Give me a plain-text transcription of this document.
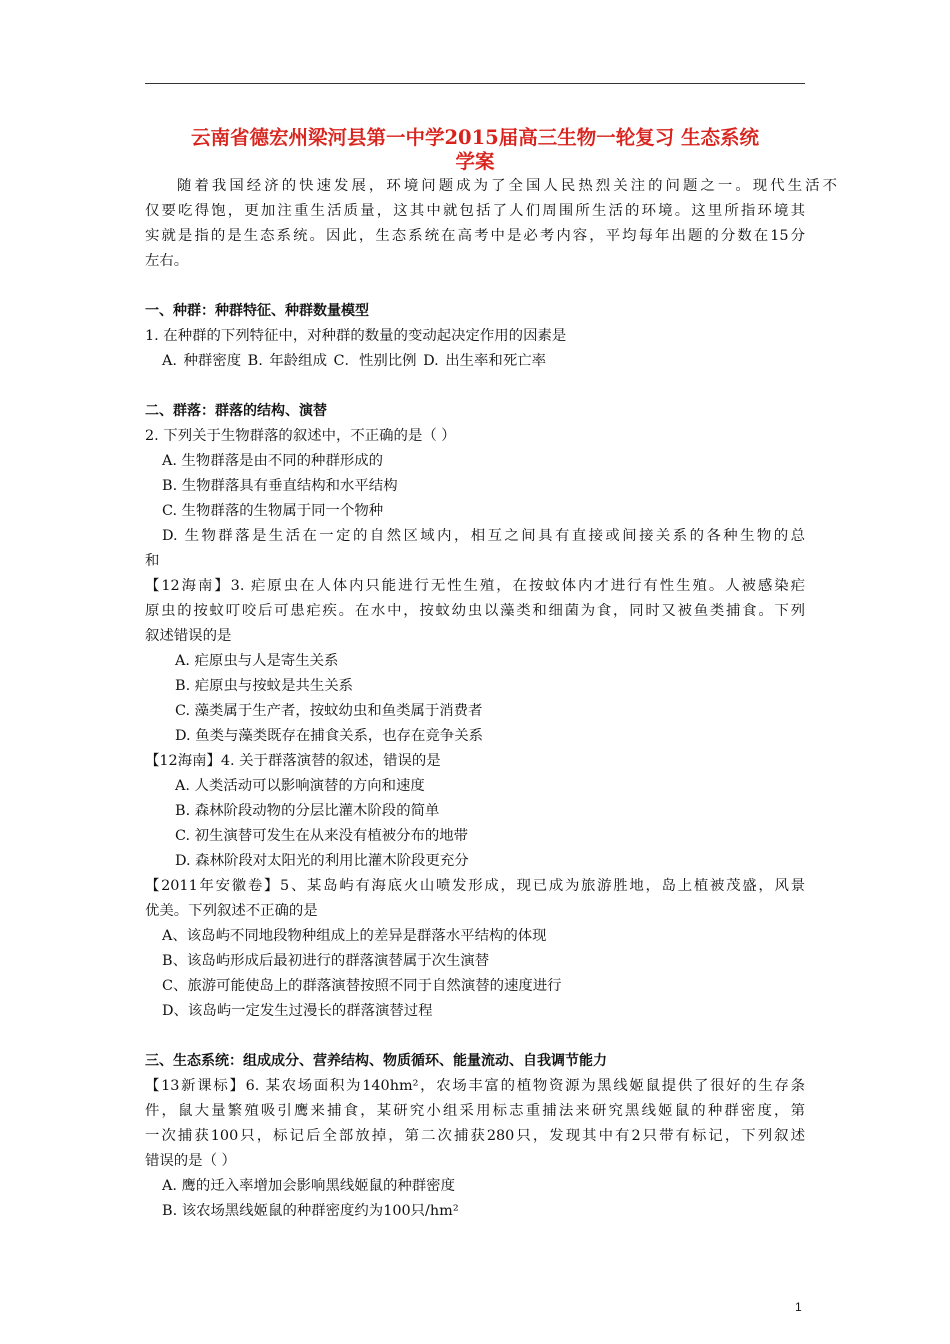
云南省德宏州梁河县第一中学2015届高三生物一轮复习 生态系统
学案
随着我国经济的快速发展，环境问题成为了全国人民热烈关注的问题之一。现代生活不
仅要吃得饱，更加注重生活质量，这其中就包括了人们周围所生活的环境。这里所指环境其
实就是指的是生态系统。因此，生态系统在高考中是必考内容，平均每年出题的分数在15分
左右。
一、种群：种群特征、种群数量模型
1. 在种群的下列特征中，对种群的数量的变动起决定作用的因素是
A. 种群密度 B. 年龄组成 C．性别比例 D. 出生率和死亡率
二、群落：群落的结构、演替
2. 下列关于生物群落的叙述中，不正确的是（ ）
A. 生物群落是由不同的种群形成的
B. 生物群落具有垂直结构和水平结构
C. 生物群落的生物属于同一个物种
D. 生物群落是生活在一定的自然区域内，相互之间具有直接或间接关系的各种生物的总
和
【12海南】3. 疟原虫在人体内只能进行无性生殖，在按蚊体内才进行有性生殖。人被感染疟
原虫的按蚊叮咬后可患疟疾。在水中，按蚊幼虫以藻类和细菌为食，同时又被鱼类捕食。下列
叙述错误的是
A. 疟原虫与人是寄生关系
B. 疟原虫与按蚊是共生关系
C. 藻类属于生产者，按蚊幼虫和鱼类属于消费者
D. 鱼类与藻类既存在捕食关系，也存在竞争关系
【12海南】4. 关于群落演替的叙述，错误的是
A. 人类活动可以影响演替的方向和速度
B. 森林阶段动物的分层比灌木阶段的简单
C. 初生演替可发生在从来没有植被分布的地带
D. 森林阶段对太阳光的利用比灌木阶段更充分
【2011年安徽卷】5、某岛屿有海底火山喷发形成，现已成为旅游胜地，岛上植被茂盛，风景
优美。下列叙述不正确的是
A、该岛屿不同地段物种组成上的差异是群落水平结构的体现
B、该岛屿形成后最初进行的群落演替属于次生演替
C、旅游可能使岛上的群落演替按照不同于自然演替的速度进行
D、该岛屿一定发生过漫长的群落演替过程
三、生态系统：组成成分、营养结构、物质循环、能量流动、自我调节能力
【13新课标】6. 某农场面积为140hm²，农场丰富的植物资源为黑线姬鼠提供了很好的生存条
件，鼠大量繁殖吸引鹰来捕食，某研究小组采用标志重捕法来研究黑线姬鼠的种群密度，第
一次捕获100只，标记后全部放掉，第二次捕获280只，发现其中有2只带有标记，下列叙述
错误的是（ ）
A. 鹰的迁入率增加会影响黑线姬鼠的种群密度
B. 该农场黑线姬鼠的种群密度约为100只/hm²
1
